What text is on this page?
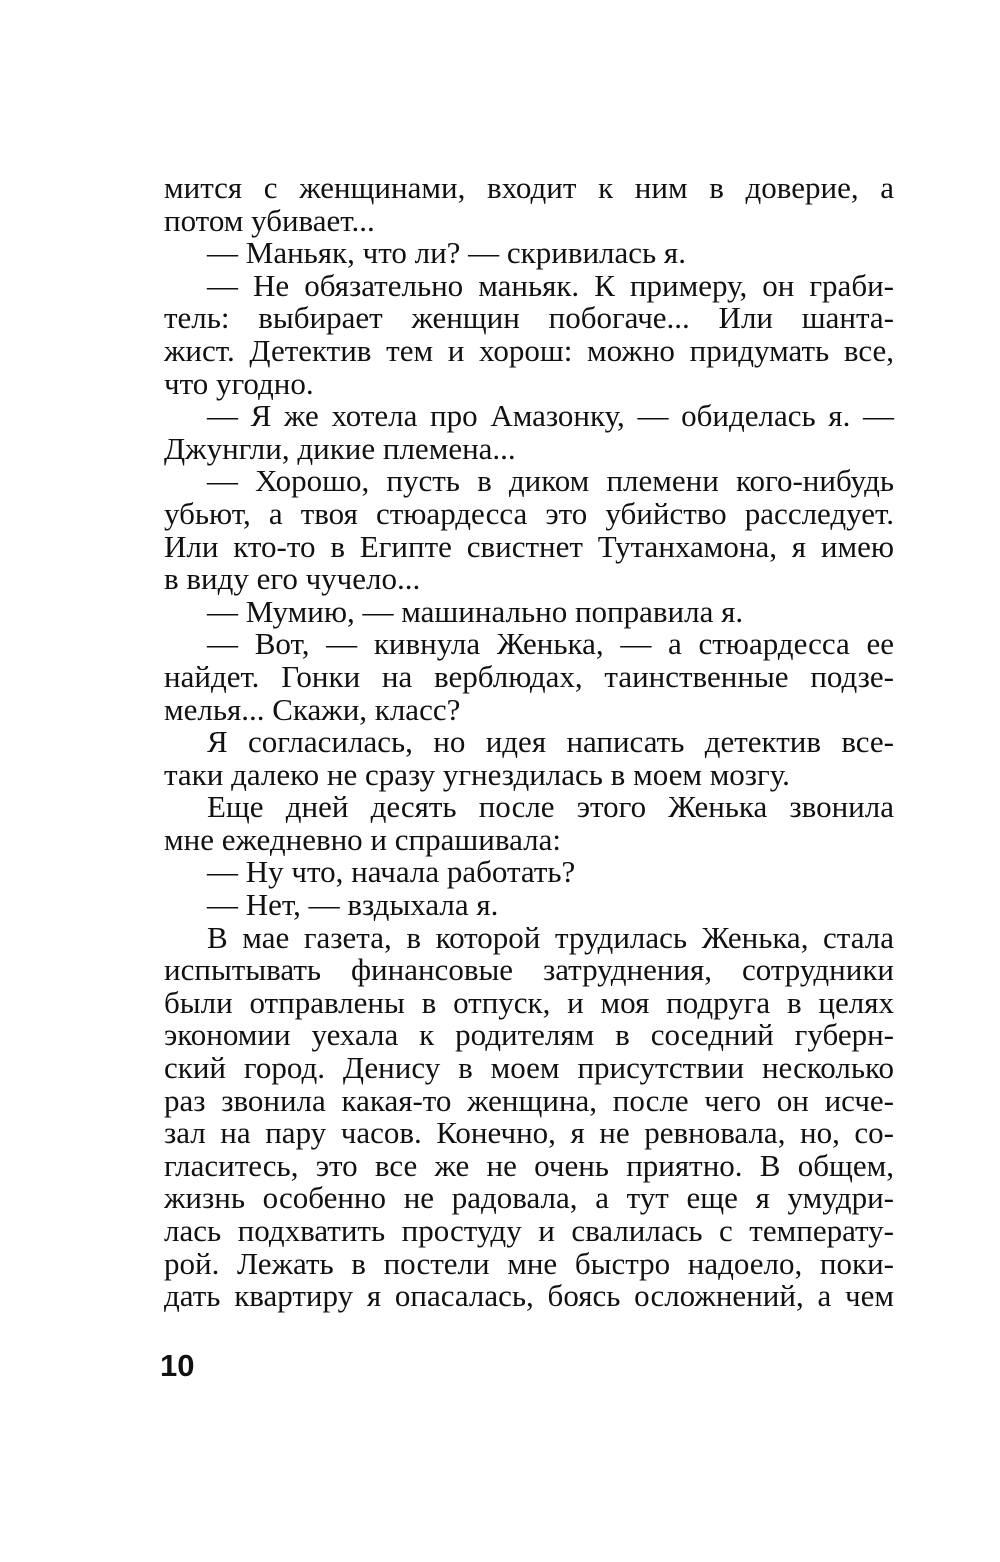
мится с женщинами, входит к ним в доверие, а
потом убивает...
— Маньяк, что ли? — скривилась я.
— Не обязательно маньяк. К примеру, он граби-
тель: выбирает женщин побогаче... Или шанта-
жист. Детектив тем и хорош: можно придумать все,
что угодно.
— Я же хотела про Амазонку, — обиделась я. —
Джунгли, дикие племена...
— Хорошо, пусть в диком племени кого-нибудь
убьют, а твоя стюардесса это убийство расследует.
Или кто-то в Египте свистнет Тутанхамона, я имею
в виду его чучело...
— Мумию, — машинально поправила я.
— Вот, — кивнула Женька, — а стюардесса ее
найдет. Гонки на верблюдах, таинственные подзе-
мелья... Скажи, класс?
Я согласилась, но идея написать детектив все-
таки далеко не сразу угнездилась в моем мозгу.
Еще дней десять после этого Женька звонила
мне ежедневно и спрашивала:
— Ну что, начала работать?
— Нет, — вздыхала я.
В мае газета, в которой трудилась Женька, стала
испытывать финансовые затруднения, сотрудники
были отправлены в отпуск, и моя подруга в целях
экономии уехала к родителям в соседний губерн-
ский город. Денису в моем присутствии несколько
раз звонила какая-то женщина, после чего он исче-
зал на пару часов. Конечно, я не ревновала, но, со-
гласитесь, это все же не очень приятно. В общем,
жизнь особенно не радовала, а тут еще я умудри-
лась подхватить простуду и свалилась с температу-
рой. Лежать в постели мне быстро надоело, поки-
дать квартиру я опасалась, боясь осложнений, а чем
10
